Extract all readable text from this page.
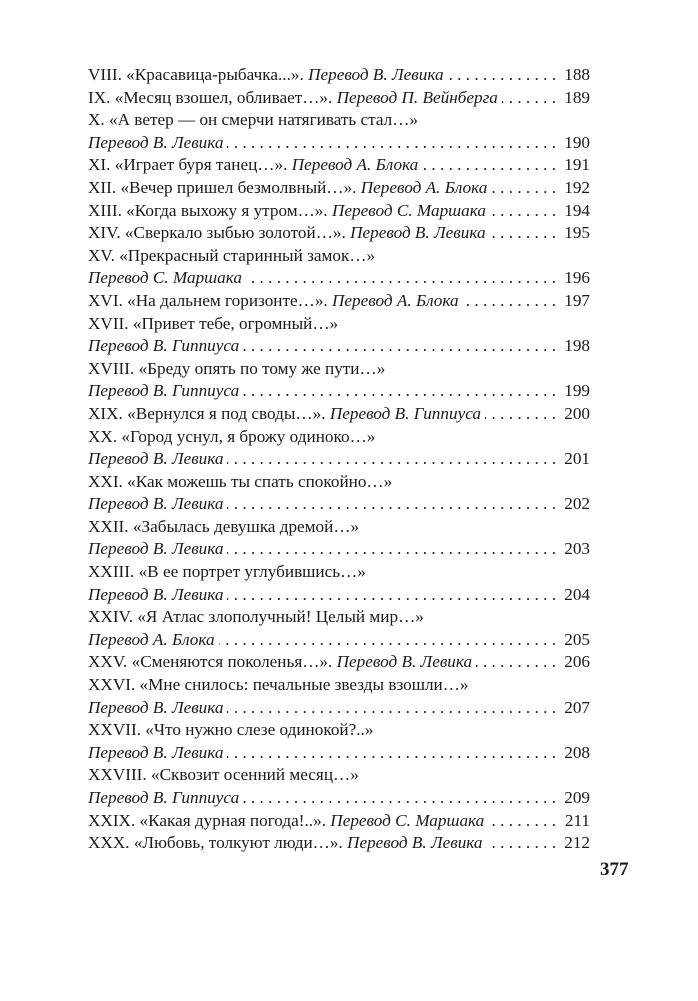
VIII. «Красавица-рыбачка...». Перевод В. Левика . . .	188
IX. «Месяц взошел, обливает…». Перевод П. Вейнберга . . .	189
X. «А ветер — он смерчи натягивать стал…»
Перевод В. Левика . . .	190
XI. «Играет буря танец…». Перевод А. Блока . . .	191
XII. «Вечер пришел безмолвный…». Перевод А. Блока . . .	192
XIII. «Когда выхожу я утром…». Перевод С. Маршака . . .	194
XIV. «Сверкало зыбью золотой…». Перевод В. Левика . . .	195
XV. «Прекрасный старинный замок…»
Перевод С. Маршака . . .	196
XVI. «На дальнем горизонте…». Перевод А. Блока . . .	197
XVII. «Привет тебе, огромный…»
Перевод В. Гиппиуса . . .	198
XVIII. «Бреду опять по тому же пути…»
Перевод В. Гиппиуса . . .	199
XIX. «Вернулся я под своды…». Перевод В. Гиппиуса . . .	200
XX. «Город уснул, я брожу одиноко…»
Перевод В. Левика . . .	201
XXI. «Как можешь ты спать спокойно…»
Перевод В. Левика . . .	202
XXII. «Забылась девушка дремой…»
Перевод В. Левика . . .	203
XXIII. «В ее портрет углубившись…»
Перевод В. Левика . . .	204
XXIV. «Я Атлас злополучный! Целый мир…»
Перевод А. Блока . . .	205
XXV. «Сменяются поколенья…». Перевод В. Левика . . .	206
XXVI. «Мне снилось: печальные звезды взошли…»
Перевод В. Левика . . .	207
XXVII. «Что нужно слезе одинокой?..»
Перевод В. Левика . . .	208
XXVIII. «Сквозит осенний месяц…»
Перевод В. Гиппиуса . . .	209
XXIX. «Какая дурная погода!..». Перевод С. Маршака . . .	211
XXX. «Любовь, толкуют люди…». Перевод В. Левика . . .	212
377
